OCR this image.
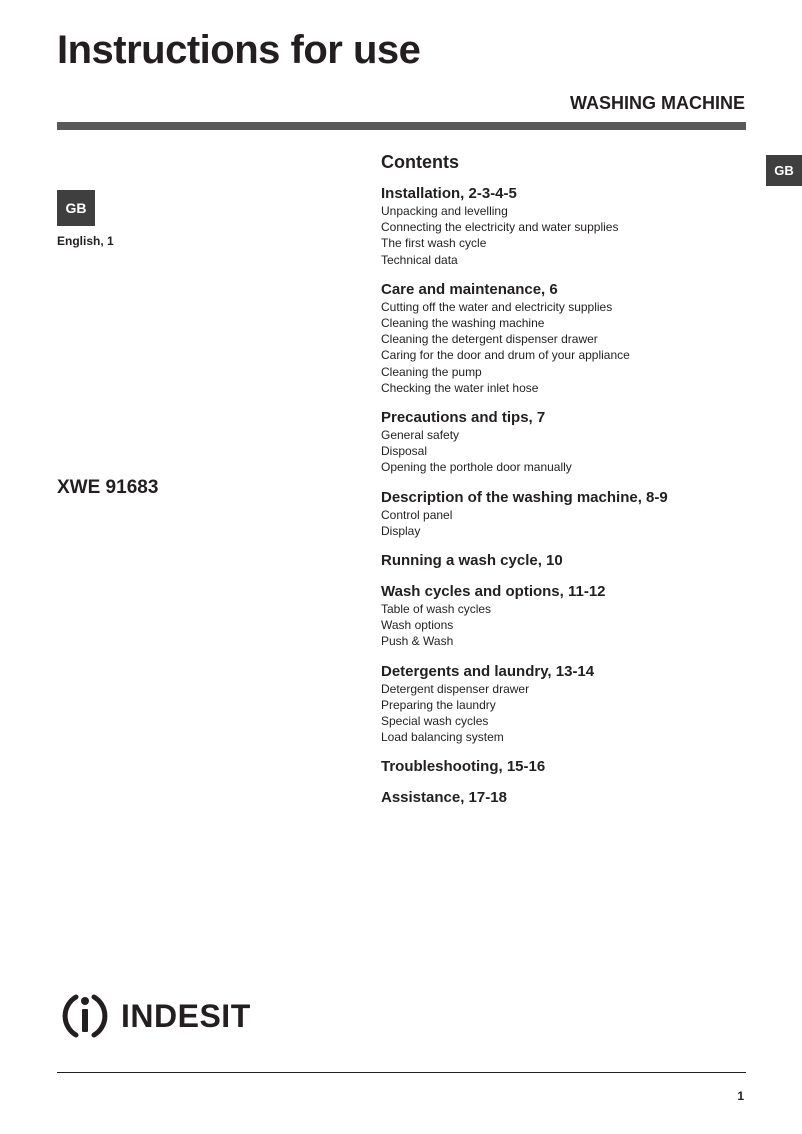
Instructions for use
WASHING MACHINE
GB
GB
English, 1
XWE 91683
Contents
Installation, 2-3-4-5
Unpacking and levelling
Connecting the electricity and water supplies
The first wash cycle
Technical data
Care and maintenance, 6
Cutting off the water and electricity supplies
Cleaning the washing machine
Cleaning the detergent dispenser drawer
Caring for the door and drum of your appliance
Cleaning the pump
Checking the water inlet hose
Precautions and tips, 7
General safety
Disposal
Opening the porthole door manually
Description of the washing machine, 8-9
Control panel
Display
Running a wash cycle, 10
Wash cycles and options, 11-12
Table of wash cycles
Wash options
Push & Wash
Detergents and laundry, 13-14
Detergent dispenser drawer
Preparing the laundry
Special wash cycles
Load balancing system
Troubleshooting, 15-16
Assistance, 17-18
INDESIT
1
